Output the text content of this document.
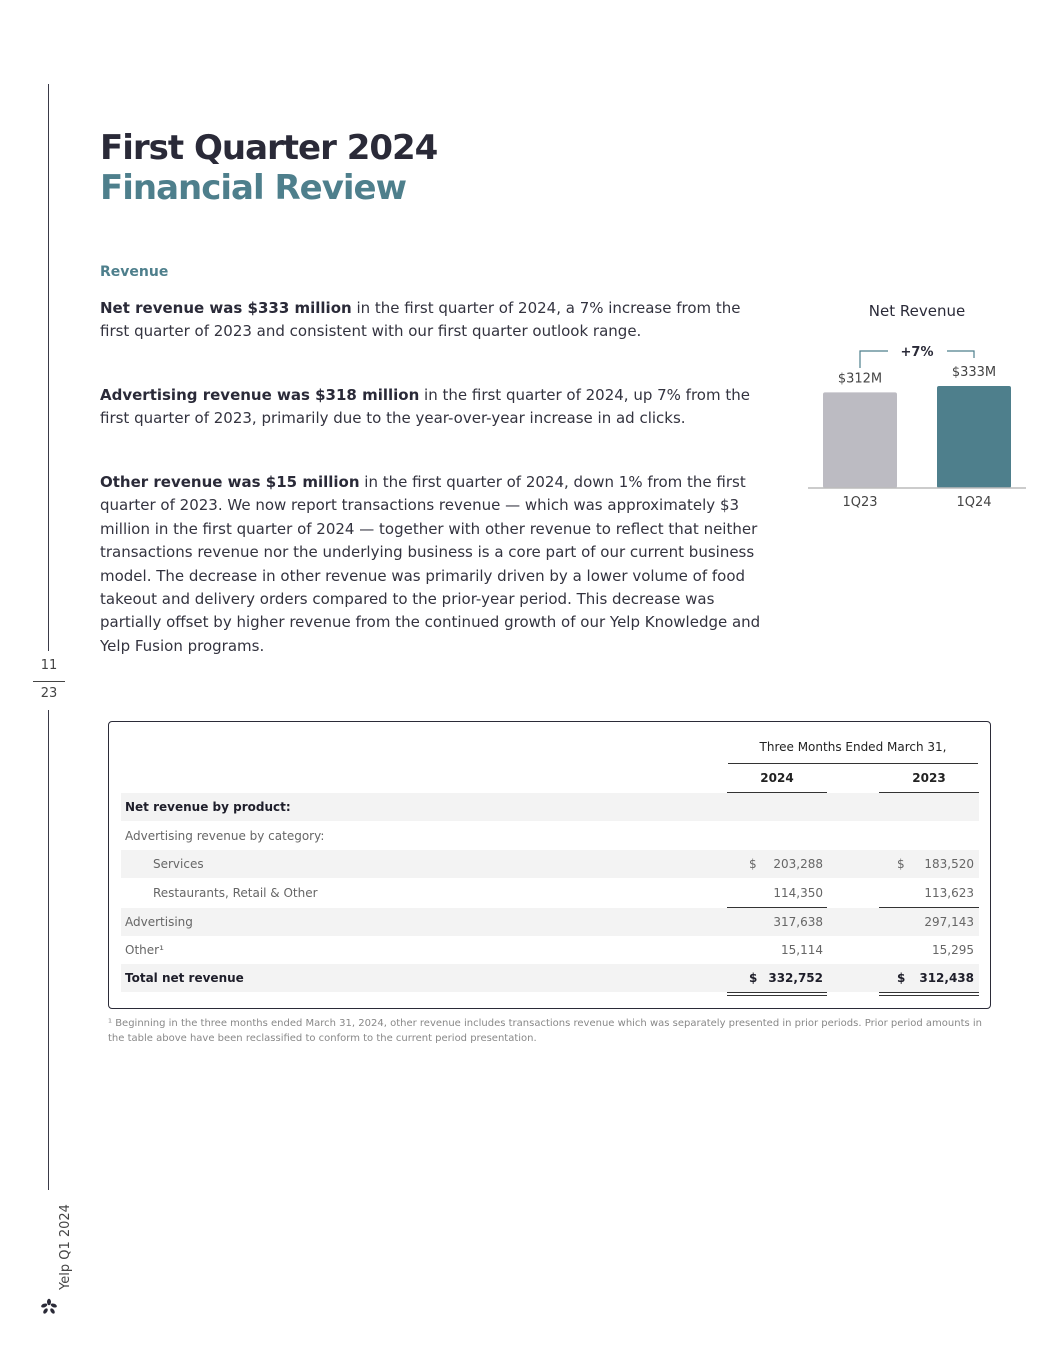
11
23
Yelp Q1 2024
First Quarter 2024
Financial Review
Revenue
Net revenue was $333 million in the first quarter of 2024, a 7% increase from the first quarter of 2023 and consistent with our first quarter outlook range.
Advertising revenue was $318 million in the first quarter of 2024, up 7% from the first quarter of 2023, primarily due to the year-over-year increase in ad clicks.
Other revenue was $15 million in the first quarter of 2024, down 1% from the first quarter of 2023. We now report transactions revenue — which was approximately $3 million in the first quarter of 2024 — together with other revenue to reflect that neither transactions revenue nor the underlying business is a core part of our current business model. The decrease in other revenue was primarily driven by a lower volume of food takeout and delivery orders compared to the prior-year period. This decrease was partially offset by higher revenue from the continued growth of our Yelp Knowledge and Yelp Fusion programs.
Net Revenue
+7%
$312M
1Q23
$333M
1Q24
Three Months Ended March 31,
2024	2023
Net revenue by product:
Advertising revenue by category:
Services	$	203,288	$	183,520
Restaurants, Retail & Other	114,350	113,623
Advertising	317,638	297,143
Other¹	15,114	15,295
Total net revenue	$ 332,752	$	312,438
¹ Beginning in the three months ended March 31, 2024, other revenue includes transactions revenue which was separately presented in prior periods. Prior period amounts in the table above have been reclassified to conform to the current period presentation.
